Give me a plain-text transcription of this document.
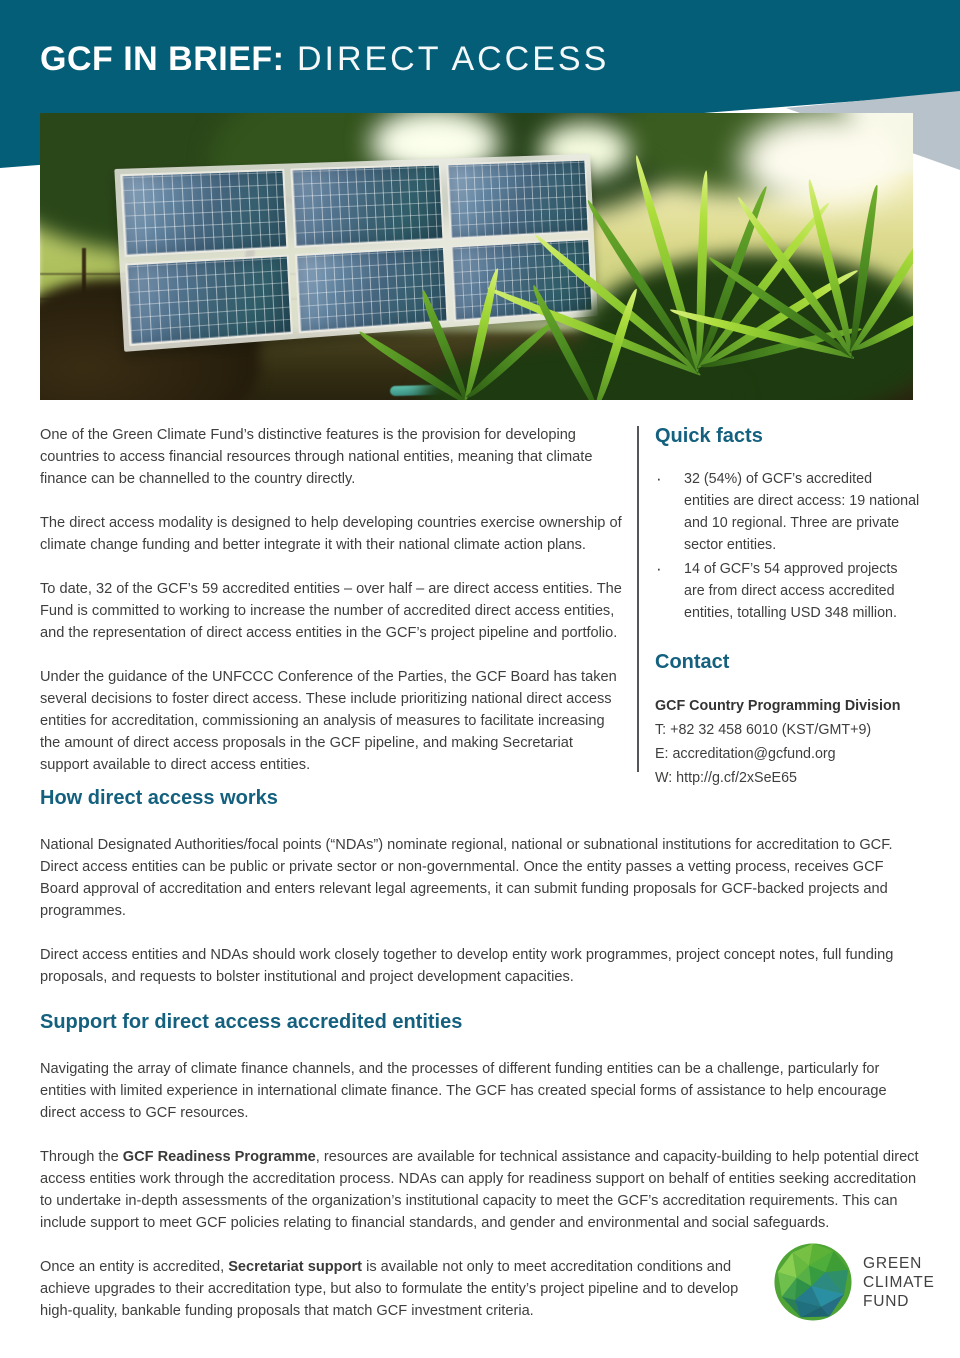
GCF IN BRIEF: DIRECT ACCESS

One of the Green Climate Fund’s distinctive features is the provision for developing countries to access financial resources through national entities, meaning that climate finance can be channelled to the country directly.

The direct access modality is designed to help developing countries exercise ownership of climate change funding and better integrate it with their national climate action plans.

To date, 32 of the GCF’s 59 accredited entities – over half – are direct access entities. The Fund is committed to working to increase the number of accredited direct access entities, and the representation of direct access entities in the GCF’s project pipeline and portfolio.

Under the guidance of the UNFCCC Conference of the Parties, the GCF Board has taken several decisions to foster direct access. These include prioritizing national direct access entities for accreditation, commissioning an analysis of measures to facilitate increasing the amount of direct access proposals in the GCF pipeline, and making Secretariat support available to direct access entities.

Quick facts
· 32 (54%) of GCF’s accredited entities are direct access: 19 national and 10 regional. Three are private sector entities.
· 14 of GCF’s 54 approved projects are from direct access accredited entities, totalling USD 348 million.
Contact
GCF Country Programming Division
T: +82 32 458 6010 (KST/GMT+9)
E: accreditation@gcfund.org
W: http://g.cf/2xSeE65
How direct access works

National Designated Authorities/focal points (“NDAs”) nominate regional, national or subnational institutions for accreditation to GCF. Direct access entities can be public or private sector or non-governmental. Once the entity passes a vetting process, receives GCF Board approval of accreditation and enters relevant legal agreements, it can submit funding proposals for GCF-backed projects and programmes.

Direct access entities and NDAs should work closely together to develop entity work programmes, project concept notes, full funding proposals, and requests to bolster institutional and project development capacities.

Support for direct access accredited entities

Navigating the array of climate finance channels, and the processes of different funding entities can be a challenge, particularly for entities with limited experience in international climate finance. The GCF has created special forms of assistance to help encourage direct access to GCF resources.

Through the GCF Readiness Programme, resources are available for technical assistance and capacity-building to help potential direct access entities work through the accreditation process. NDAs can apply for readiness support on behalf of entities seeking accreditation to undertake in-depth assessments of the organization’s institutional capacity to meet the GCF’s accreditation requirements. This can include support to meet GCF policies relating to financial standards, and gender and environmental and social safeguards.

Once an entity is accredited, Secretariat support is available not only to meet accreditation conditions and achieve upgrades to their accreditation type, but also to formulate the entity’s project pipeline and to develop high-quality, bankable funding proposals that match GCF investment criteria.

GREEN
CLIMATE
FUND
